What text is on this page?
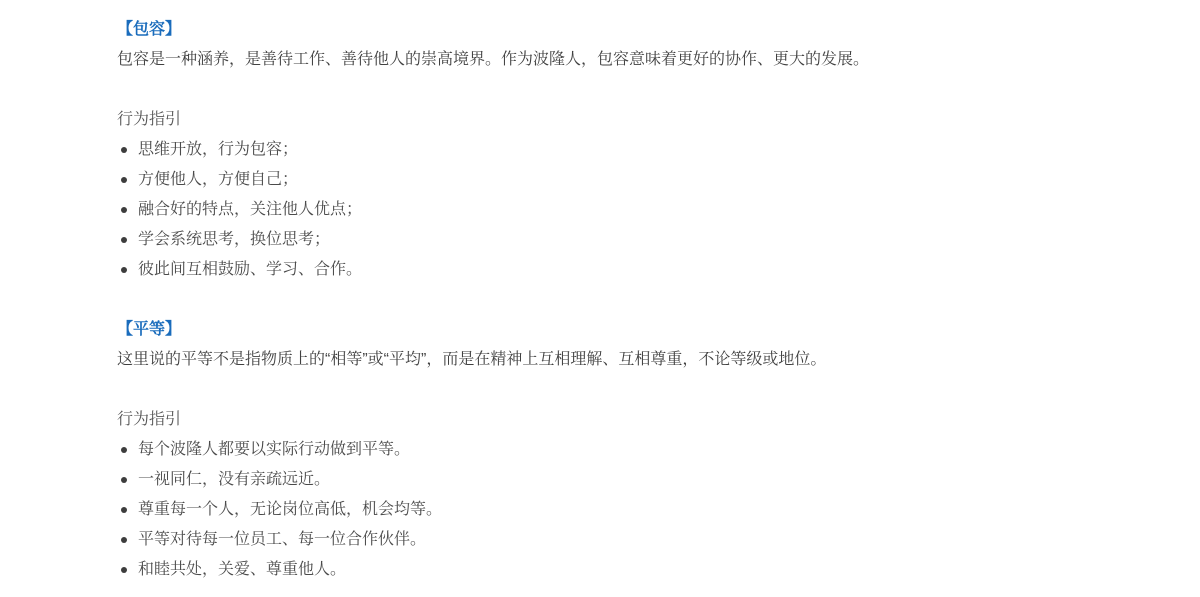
【包容】
包容是一种涵养，是善待工作、善待他人的崇高境界。作为波隆人，包容意味着更好的协作、更大的发展。
行为指引
思维开放，行为包容；
方便他人，方便自己；
融合好的特点，关注他人优点；
学会系统思考，换位思考；
彼此间互相鼓励、学习、合作。
【平等】
这里说的平等不是指物质上的“相等”或“平均”，而是在精神上互相理解、互相尊重，不论等级或地位。
行为指引
每个波隆人都要以实际行动做到平等。
一视同仁，没有亲疏远近。
尊重每一个人，无论岗位高低，机会均等。
平等对待每一位员工、每一位合作伙伴。
和睦共处，关爱、尊重他人。
